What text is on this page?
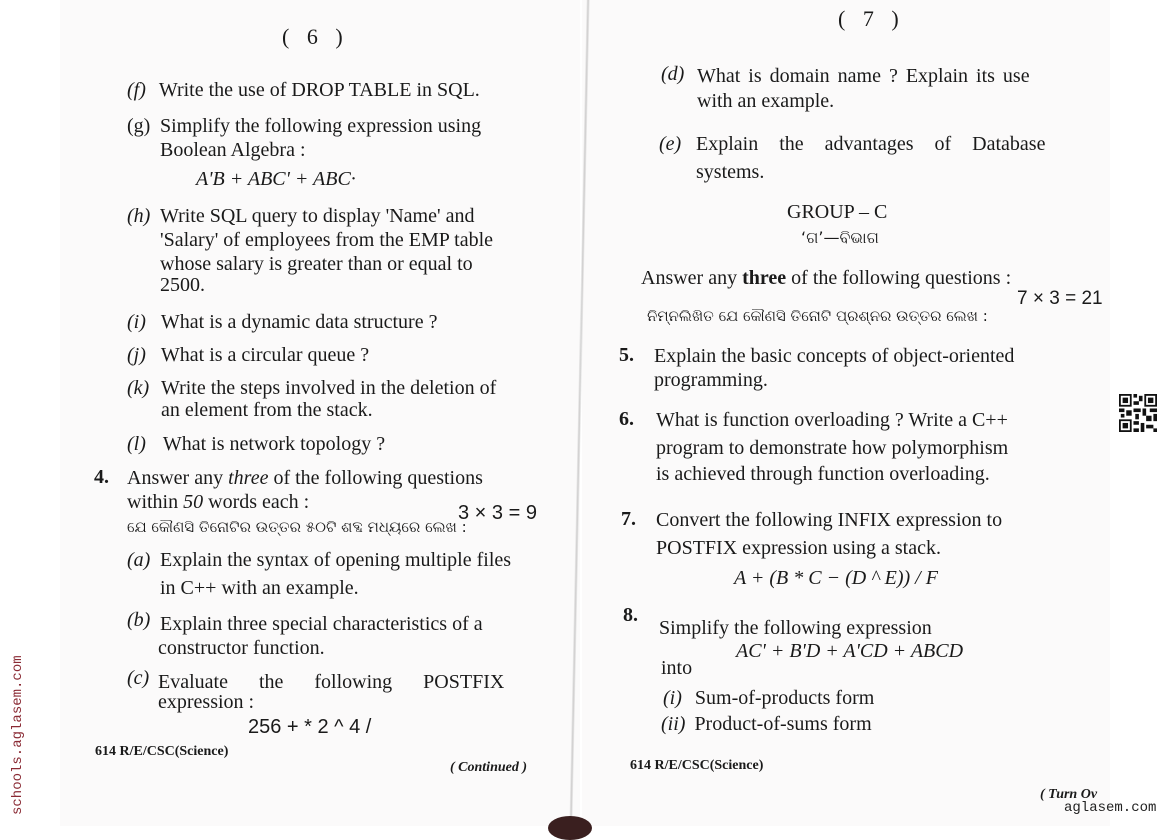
( 6 )
(f) Write the use of DROP TABLE in SQL.
(g) Simplify the following expression using
Boolean Algebra :
A'B + ABC' + ABC·
(h) Write SQL query to display 'Name' and
'Salary' of employees from the EMP table
whose salary is greater than or equal to
2500.
(i) What is a dynamic data structure ?
(j) What is a circular queue ?
(k) Write the steps involved in the deletion of
an element from the stack.
(l) What is network topology ?
4. Answer any three of the following questions
within 50 words each :	3 × 3 = 9
ଯେ କୌଣସି ତିନୋଟିର ଉତ୍ତର ୫୦ଟି ଶବ୍ଦ ମଧ୍ୟରେ ଲେଖ :
(a) Explain the syntax of opening multiple files
in C++ with an example.
(b) Explain three special characteristics of a
constructor function.
(c) Evaluate the following POSTFIX
expression :
256 + * 2 ^ 4 /
614 R/E/CSC(Science)
( Continued )
( 7 )
(d) What is domain name ? Explain its use
with an example.
(e) Explain the advantages of Database
systems.
GROUP – C
‘ଗ’—ବିଭାଗ
Answer any three of the following questions :
7 × 3 = 21
ନିମ୍ନଲିଖିତ ଯେ କୌଣସି ତିନୋଟି ପ୍ରଶ୍ନର ଉତ୍ତର ଲେଖ :
5. Explain the basic concepts of object-oriented
programming.
6. What is function overloading ? Write a C++
program to demonstrate how polymorphism
is achieved through function overloading.
7. Convert the following INFIX expression to
POSTFIX expression using a stack.
A + (B * C − (D ^ E)) / F
8.
Simplify the following expression
AC' + B'D + A'CD + ABCD
into
(i) Sum-of-products form
(ii) Product-of-sums form
614 R/E/CSC(Science)
( Turn Ov
schools.aglasem.com	aglasem.com
